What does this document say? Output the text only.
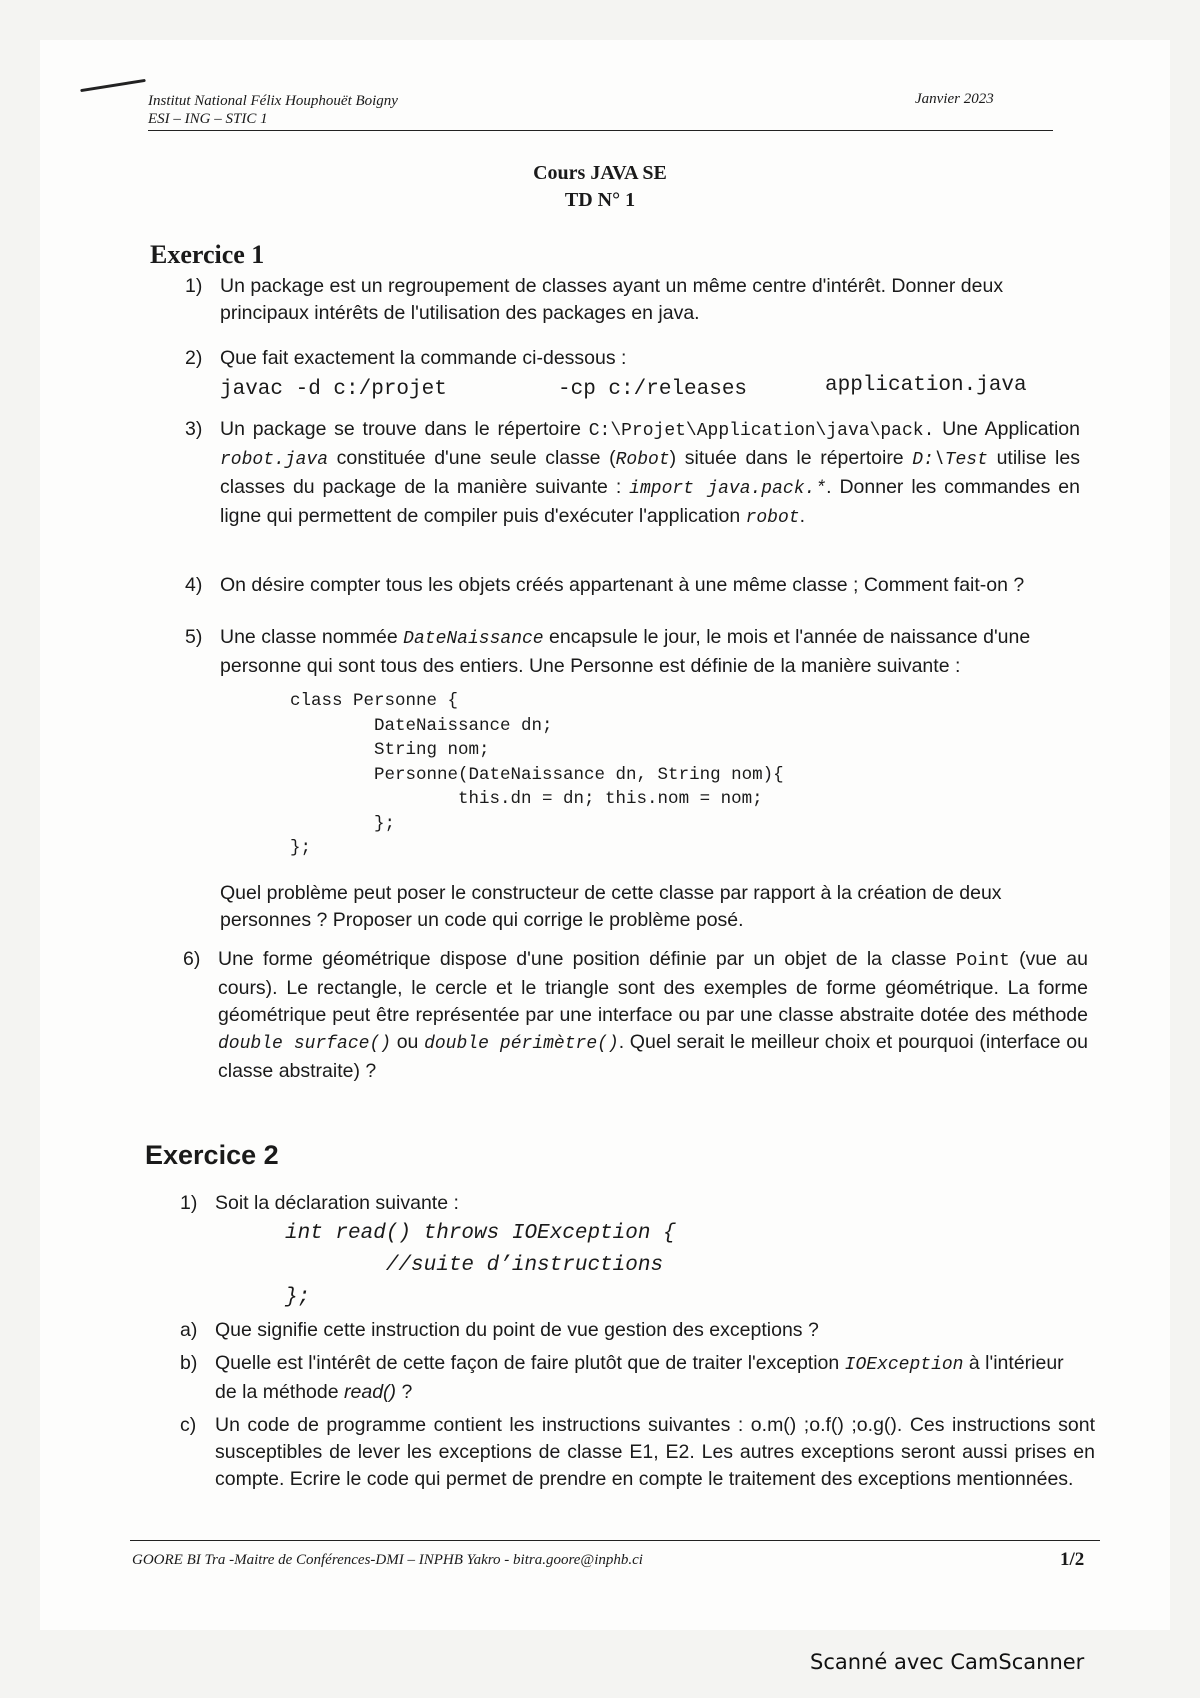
Institut National Félix Houphouët Boigny
ESI – ING – STIC 1
Janvier 2023
Cours JAVA SE
TD N° 1
Exercice 1
1) Un package est un regroupement de classes ayant un même centre d'intérêt. Donner deux principaux intérêts de l'utilisation des packages en java.
2) Que fait exactement la commande ci-dessous :
javac -d c:/projet	-cp c:/releases	application.java
3) Un package se trouve dans le répertoire C:\Projet\Application\java\pack. Une Application robot.java constituée d'une seule classe (Robot) située dans le répertoire D:\Test utilise les classes du package de la manière suivante : import java.pack.*. Donner les commandes en ligne qui permettent de compiler puis d'exécuter l'application robot.
4) On désire compter tous les objets créés appartenant à une même classe ; Comment fait-on ?
5) Une classe nommée DateNaissance encapsule le jour, le mois et l'année de naissance d'une personne qui sont tous des entiers. Une Personne est définie de la manière suivante :
class Personne {
DateNaissance dn;
String nom;
Personne(DateNaissance dn, String nom){
this.dn = dn; this.nom = nom;
};
};
Quel problème peut poser le constructeur de cette classe par rapport à la création de deux personnes ? Proposer un code qui corrige le problème posé.
6) Une forme géométrique dispose d'une position définie par un objet de la classe Point (vue au cours). Le rectangle, le cercle et le triangle sont des exemples de forme géométrique. La forme géométrique peut être représentée par une interface ou par une classe abstraite dotée des méthode double surface() ou double périmètre(). Quel serait le meilleur choix et pourquoi (interface ou classe abstraite) ?
Exercice 2
1) Soit la déclaration suivante :
int read() throws IOException {
//suite d’instructions
};
a) Que signifie cette instruction du point de vue gestion des exceptions ?
b) Quelle est l'intérêt de cette façon de faire plutôt que de traiter l'exception IOException à l'intérieur de la méthode read() ?
c) Un code de programme contient les instructions suivantes : o.m() ;o.f() ;o.g(). Ces instructions sont susceptibles de lever les exceptions de classe E1, E2. Les autres exceptions seront aussi prises en compte. Ecrire le code qui permet de prendre en compte le traitement des exceptions mentionnées.
GOORE BI Tra -Maitre de Conférences-DMI – INPHB Yakro - bitra.goore@inphb.ci	1/2
Scanné avec CamScanner
